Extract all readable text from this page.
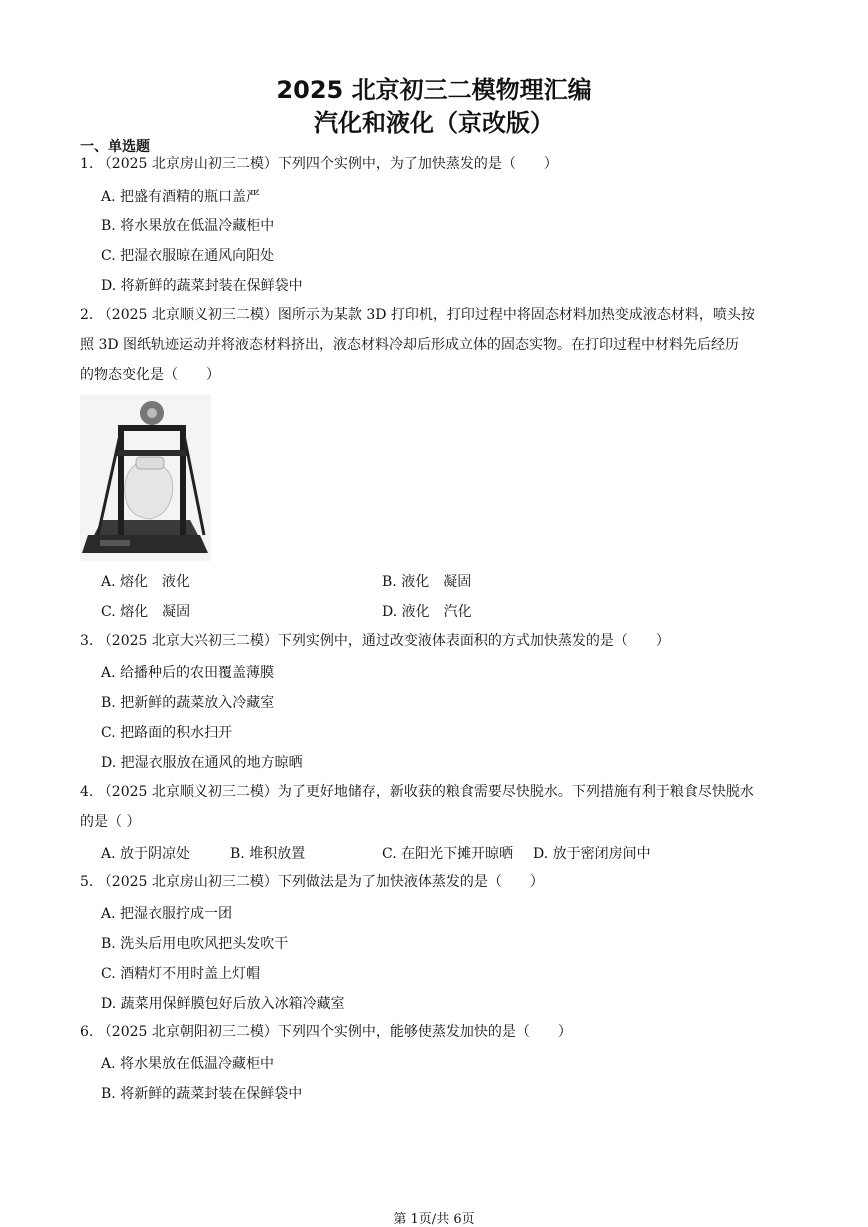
2025 北京初三二模物理汇编
汽化和液化（京改版）
一、单选题
1. （2025 北京房山初三二模）下列四个实例中，为了加快蒸发的是（　　）
A. 把盛有酒精的瓶口盖严
B. 将水果放在低温冷藏柜中
C. 把湿衣服晾在通风向阳处
D. 将新鲜的蔬菜封装在保鲜袋中
2. （2025 北京顺义初三二模）图所示为某款 3D 打印机，打印过程中将固态材料加热变成液态材料，喷头按
照 3D 图纸轨迹运动并将液态材料挤出，液态材料冷却后形成立体的固态实物。在打印过程中材料先后经历
的物态变化是（　　）
A. 熔化　液化	B. 液化　凝固
C. 熔化　凝固	D. 液化　汽化
3. （2025 北京大兴初三二模）下列实例中，通过改变液体表面积的方式加快蒸发的是（　　）
A. 给播种后的农田覆盖薄膜
B. 把新鲜的蔬菜放入冷藏室
C. 把路面的积水扫开
D. 把湿衣服放在通风的地方晾晒
4. （2025 北京顺义初三二模）为了更好地储存，新收获的粮食需要尽快脱水。下列措施有利于粮食尽快脱水
的是（ ）
A. 放于阴凉处	B. 堆积放置	C. 在阳光下摊开晾晒 D. 放于密闭房间中
5. （2025 北京房山初三二模）下列做法是为了加快液体蒸发的是（　　）
A. 把湿衣服拧成一团
B. 洗头后用电吹风把头发吹干
C. 酒精灯不用时盖上灯帽
D. 蔬菜用保鲜膜包好后放入冰箱冷藏室
6. （2025 北京朝阳初三二模）下列四个实例中，能够使蒸发加快的是（　　）
A. 将水果放在低温冷藏柜中
B. 将新鲜的蔬菜封装在保鲜袋中
第 1页/共 6页
